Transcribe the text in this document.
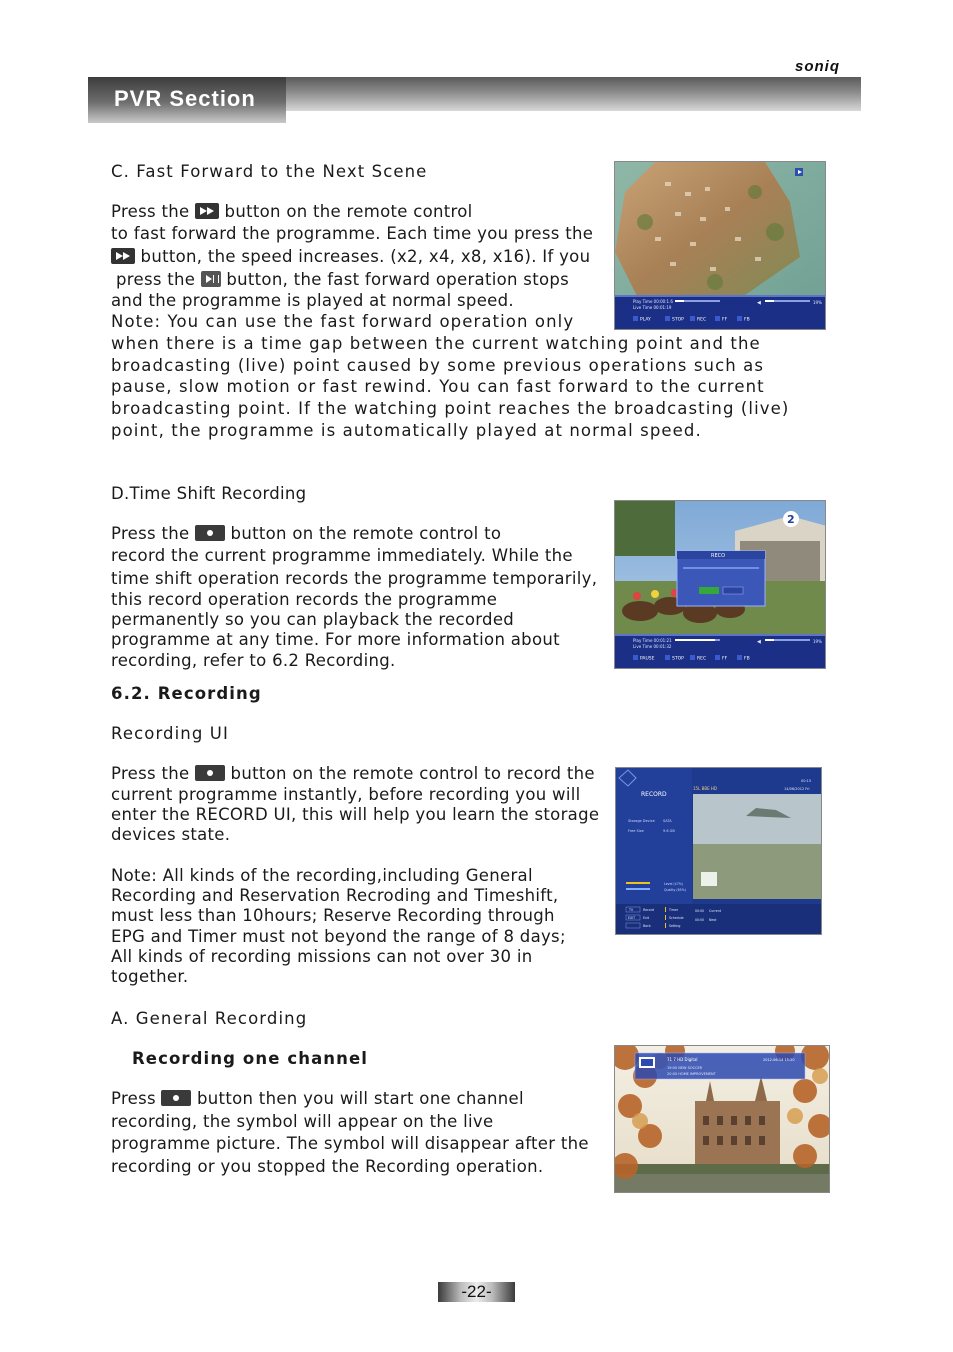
soniq
PVR Section
C. Fast Forward to the Next Scene
Press the button on the remote control
to fast forward the programme. Each time you press the
button, the speed increases. (x2, x4, x8, x16). If you
press the button, the fast forward operation stops
and the programme is played at normal speed.
Note: You can use the fast forward operation only
when there is a time gap between the current watching point and the
broadcasting (live) point caused by some previous operations such as
pause, slow motion or fast rewind. You can fast forward to the current
broadcasting point. If the watching point reaches the broadcasting (live)
point, the programme is automatically played at normal speed.
Play Time 00:00:1.6
Live Time 00:01:19
◀	19%
PLAY	STOP	REC	FF	FB
D.Time Shift Recording
Press the button on the remote control to
record the current programme immediately. While the
time shift operation records the programme temporarily,
this record operation records the programme
permanently so you can playback the recorded
programme at any time. For more information about
recording, refer to 6.2 Recording.
2
RECO
Play Time 00:01:21
Live Time 00:01:32
◀	19%
PAUSE	STOP	REC	FF	FB
6.2. Recording
Recording UI
Press the button on the remote control to record the
current programme instantly, before recording you will
enter the RECORD UI, this will help you learn the storage
devices state.
Note: All kinds of the recording,including General
Recording and Reservation Recroding and Timeshift,
must less than 10hours; Reserve Recording through
EPG and Timer must not beyond the range of 8 days;
All kinds of recording missions can not over 30 in
together.
RECORD
Storage Device SATA
Free Size	9.6 GB
15L BBE HD
00:15
14/06/2012 Fri
Level (47%)
Quality (65%)
TV	Record	Timer
EXIT Exit	Schedule
Back	Setting
00:00 Current
00:00 Next
A. General Recording
Recording one channel
Press button then you will start one channel
recording, the symbol will appear on the live
programme picture. The symbol will disappear after the
recording or you stopped the Recording operation.
71 7 HD Digital	2012-06-14 15:20
19:00 NEW SOCCER
20:00 HOME IMPROVEMENT
-22-
